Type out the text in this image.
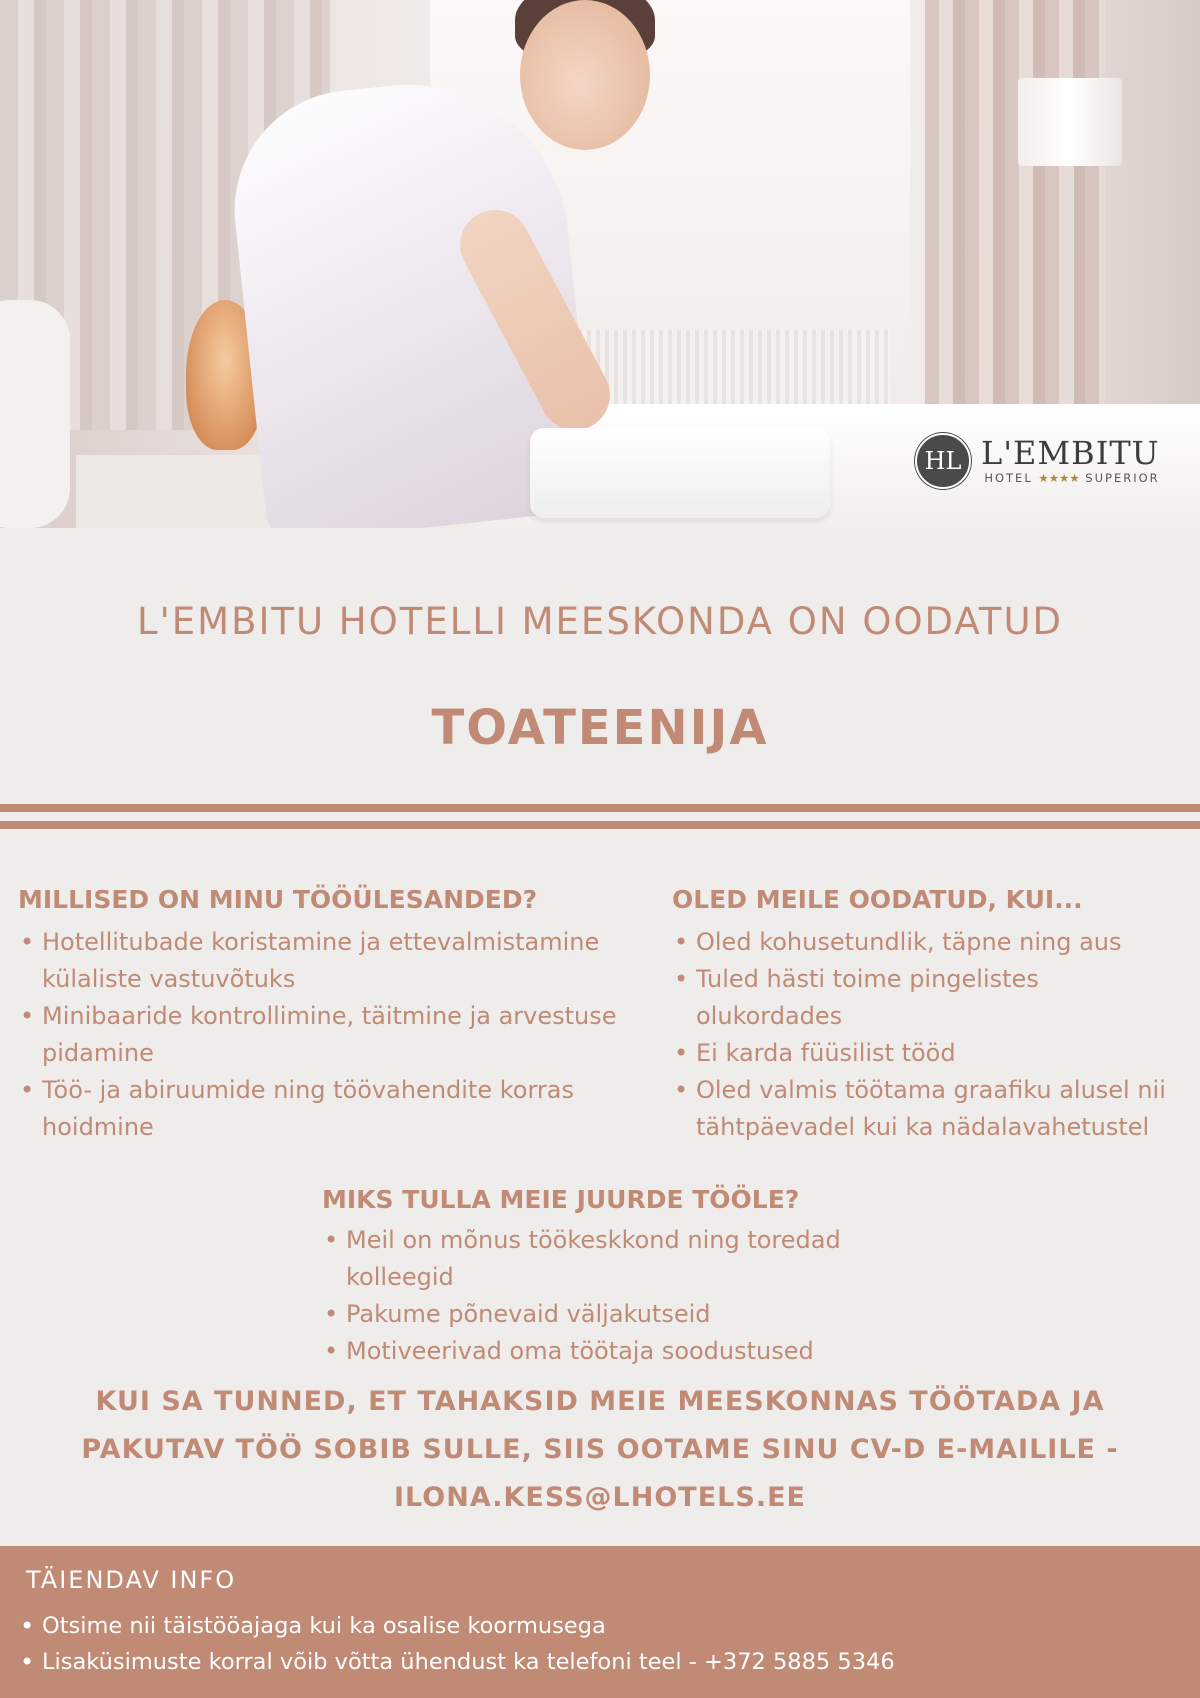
HL L'EMBITU
HOTEL ★★★★ SUPERIOR
L'EMBITU HOTELLI MEESKONDA ON OODATUD
TOATEENIJA
MILLISED ON MINU TÖÖÜLESANDED?
• Hotellitubade koristamine ja ettevalmistamine külaliste vastuvõtuks
• Minibaaride kontrollimine, täitmine ja arvestuse pidamine
• Töö- ja abiruumide ning töövahendite korras hoidmine
OLED MEILE OODATUD, KUI...
• Oled kohusetundlik, täpne ning aus
• Tuled hästi toime pingelistes olukordades
• Ei karda füüsilist tööd
• Oled valmis töötama graafiku alusel nii tähtpäevadel kui ka nädalavahetustel
MIKS TULLA MEIE JUURDE TÖÖLE?
• Meil on mõnus töökeskkond ning toredad kolleegid
• Pakume põnevaid väljakutseid
• Motiveerivad oma töötaja soodustused

KUI SA TUNNED, ET TAHAKSID MEIE MEESKONNAS TÖÖTADA JA PAKUTAV TÖÖ SOBIB SULLE, SIIS OOTAME SINU CV-D E-MAILILE - ILONA.KESS@LHOTELS.EE

TÄIENDAV INFO
• Otsime nii täistööajaga kui ka osalise koormusega
• Lisaküsimuste korral võib võtta ühendust ka telefoni teel - +372 5885 5346
